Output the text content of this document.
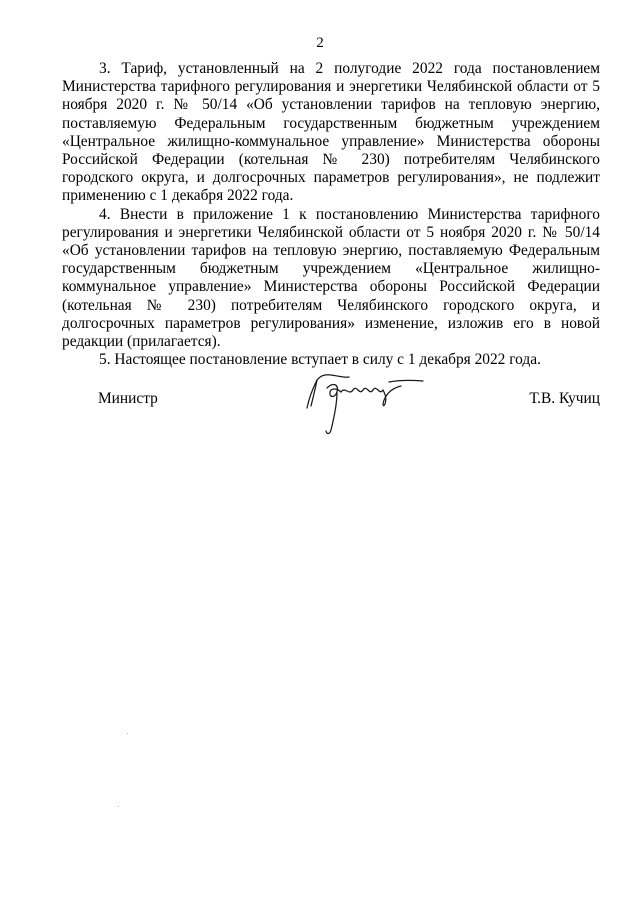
2

3. Тариф, установленный на 2 полугодие 2022 года постановлением Министерства тарифного регулирования и энергетики Челябинской области от 5 ноября 2020 г. № 50/14 «Об установлении тарифов на тепловую энергию, поставляемую Федеральным государственным бюджетным учреждением «Центральное жилищно-коммунальное управление» Министерства обороны Российской Федерации (котельная № 230) потребителям Челябинского городского округа, и долгосрочных параметров регулирования», не подлежит применению с 1 декабря 2022 года.

4. Внести в приложение 1 к постановлению Министерства тарифного регулирования и энергетики Челябинской области от 5 ноября 2020 г. № 50/14 «Об установлении тарифов на тепловую энергию, поставляемую Федеральным государственным бюджетным учреждением «Центральное жилищно-коммунальное управление» Министерства обороны Российской Федерации (котельная № 230) потребителям Челябинского городского округа, и долгосрочных параметров регулирования» изменение, изложив его в новой редакции (прилагается).

5. Настоящее постановление вступает в силу с 1 декабря 2022 года.

Министр	Т.В. Кучиц
